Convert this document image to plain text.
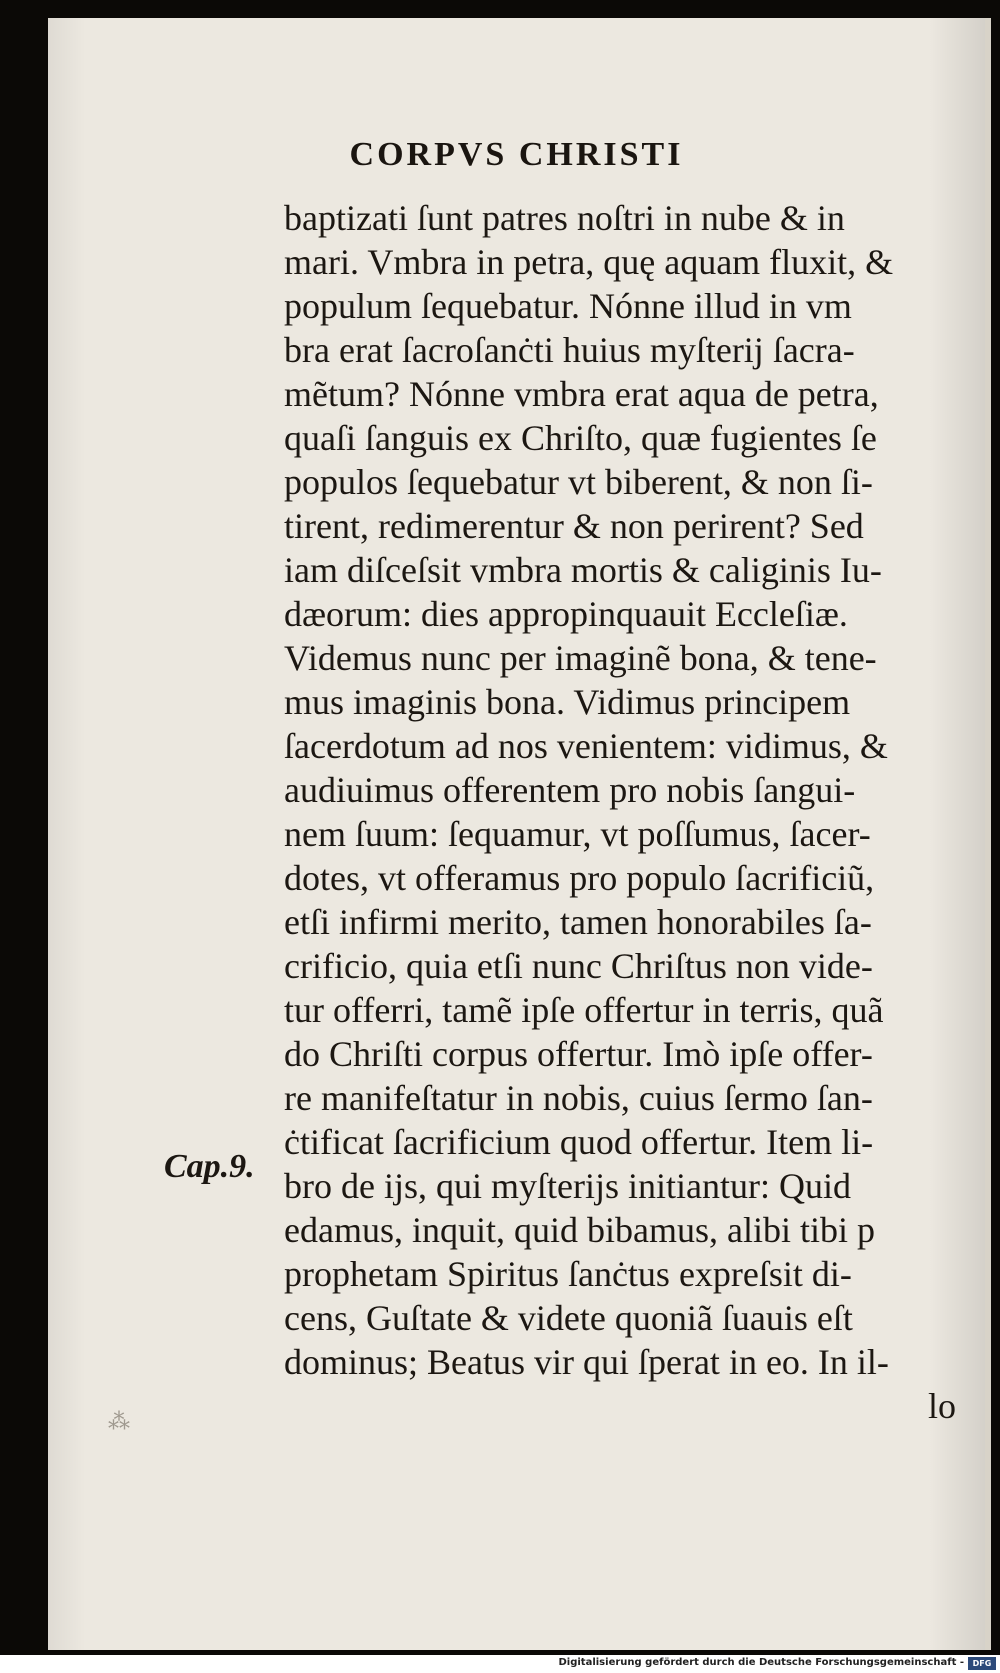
CORPVS CHRISTI
Cap.9.
⁂
baptizati ſunt patres noſtri in nube & in
mari. Vmbra in petra, quę aquam fluxit, &
populum ſequebatur. Nónne illud in vm
bra erat ſacroſanċti huius myſterij ſacra-
mẽtum? Nónne vmbra erat aqua de petra,
quaſi ſanguis ex Chriſto, quæ fugientes ſe
populos ſequebatur vt biberent, & non ſi-
tirent, redimerentur & non perirent? Sed
iam diſceſsit vmbra mortis & caliginis Iu-
dæorum: dies appropinquauit Eccleſiæ.
Videmus nunc per imaginẽ bona, & tene-
mus imaginis bona. Vidimus principem
ſacerdotum ad nos venientem: vidimus, &
audiuimus offerentem pro nobis ſangui-
nem ſuum: ſequamur, vt poſſumus, ſacer-
dotes, vt offeramus pro populo ſacrificiũ,
etſi infirmi merito, tamen honorabiles ſa-
crificio, quia etſi nunc Chriſtus non vide-
tur offerri, tamẽ ipſe offertur in terris, quã
do Chriſti corpus offertur. Imò ipſe offer-
re manifeſtatur in nobis, cuius ſermo ſan-
ċtificat ſacrificium quod offertur. Item li-
bro de ijs, qui myſterijs initiantur: Quid
edamus, inquit, quid bibamus, alibi tibi p
prophetam Spiritus ſanċtus expreſsit di-
cens, Guſtate & videte quoniã ſuauis eſt
dominus; Beatus vir qui ſperat in eo. In il-
lo
Digitalisierung gefördert durch die Deutsche Forschungsgemeinschaft -	DFG
